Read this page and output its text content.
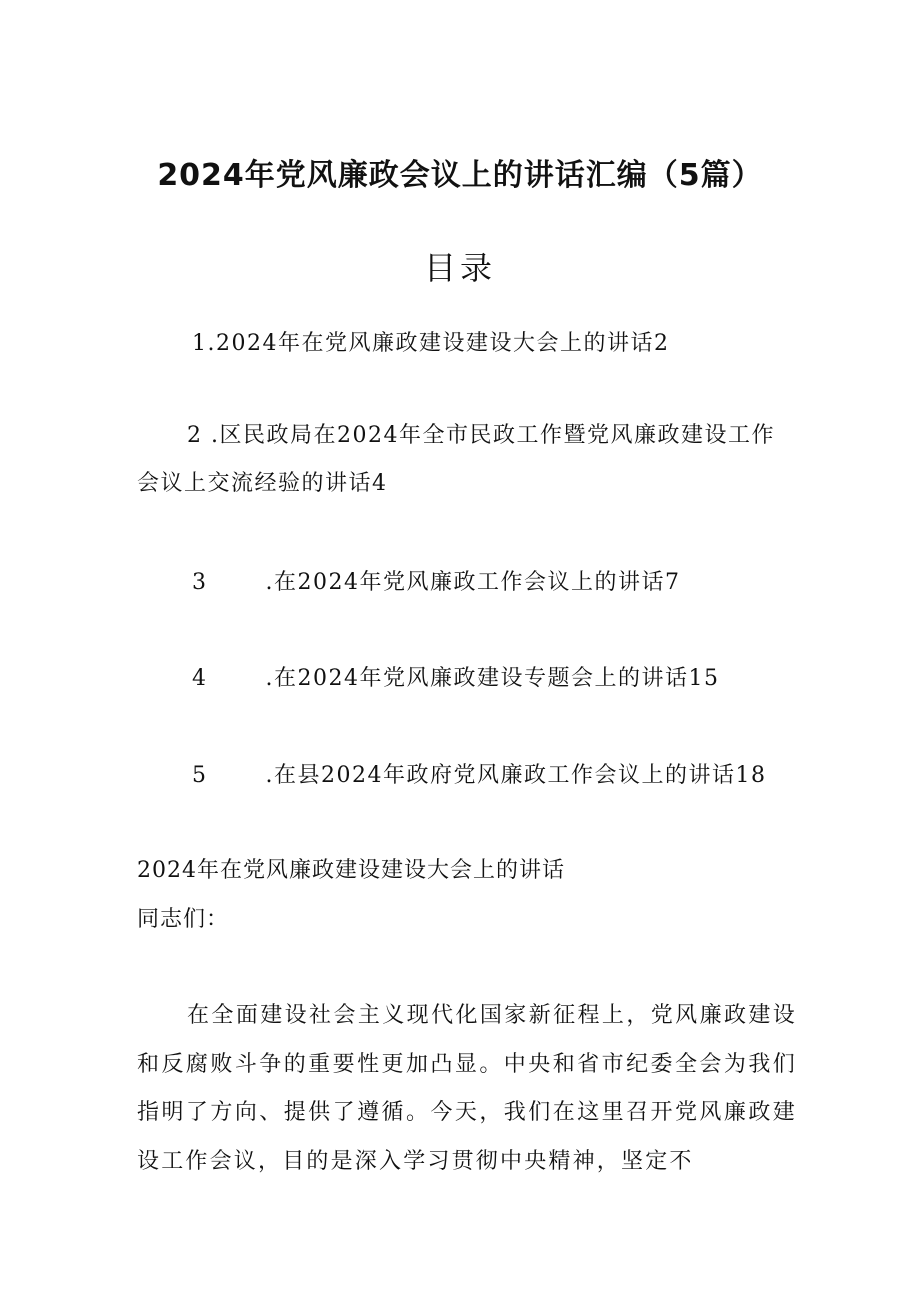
2024年党风廉政会议上的讲话汇编（5篇）
目录
1.2024年在党风廉政建设建设大会上的讲话2
2 .区民政局在2024年全市民政工作暨党风廉政建设工作会议上交流经验的讲话4
3	.在2024年党风廉政工作会议上的讲话7
4	.在2024年党风廉政建设专题会上的讲话15
5	.在县2024年政府党风廉政工作会议上的讲话18
2024年在党风廉政建设建设大会上的讲话
同志们：
在全面建设社会主义现代化国家新征程上，党风廉政建设和反腐败斗争的重要性更加凸显。中央和省市纪委全会为我们指明了方向、提供了遵循。今天，我们在这里召开党风廉政建设工作会议，目的是深入学习贯彻中央精神，坚定不
